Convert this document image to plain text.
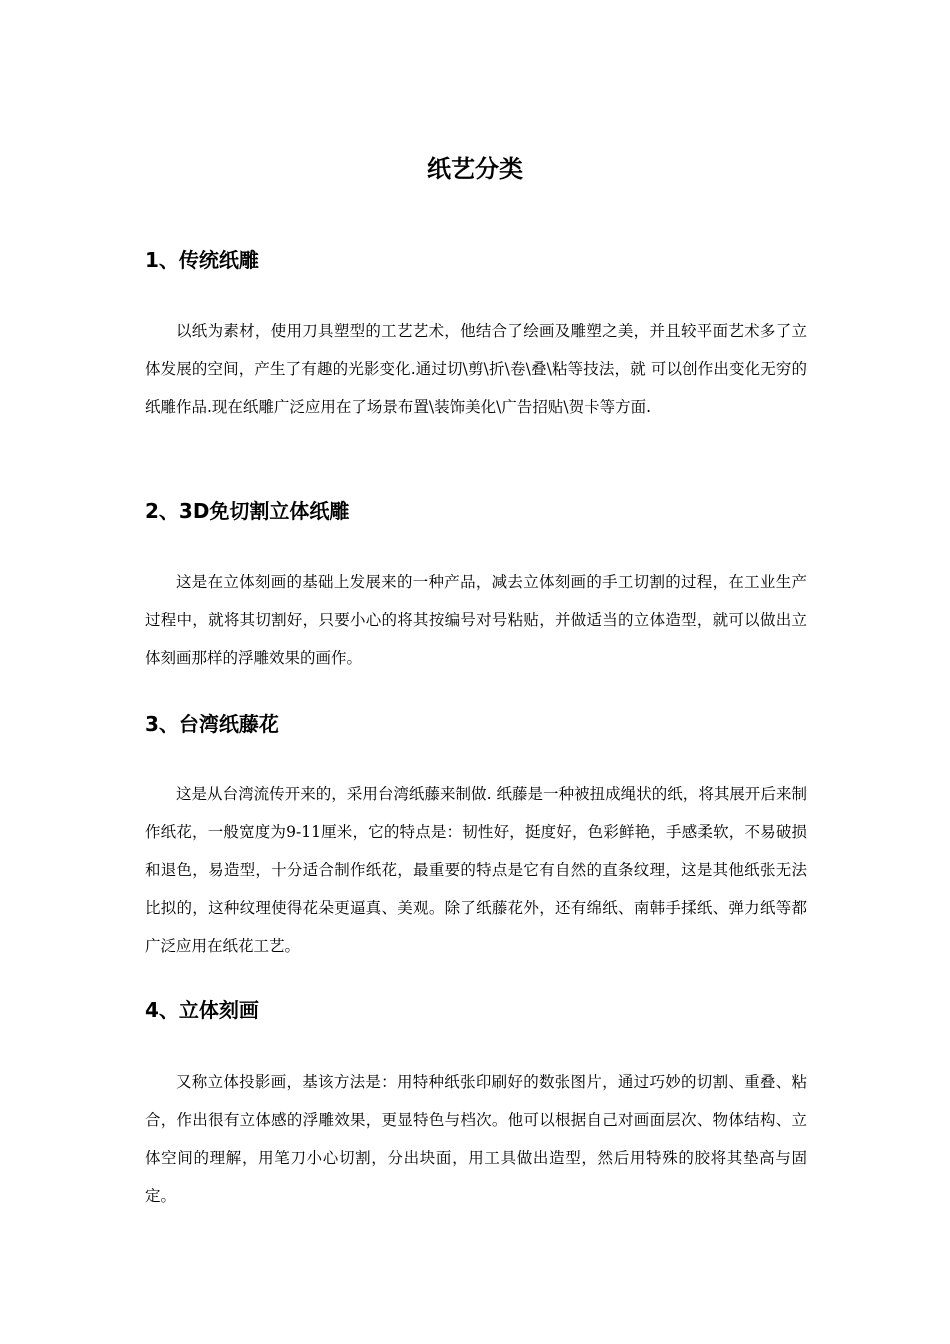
纸艺分类
1、传统纸雕

以纸为素材，使用刀具塑型的工艺艺术，他结合了绘画及雕塑之美，并且较平面艺术多了立体发展的空间，产生了有趣的光影变化.通过切\剪\折\卷\叠\粘等技法，就 可以创作出变化无穷的纸雕作品.现在纸雕广泛应用在了场景布置\装饰美化\广告招贴\贺卡等方面.

2、3D免切割立体纸雕

这是在立体刻画的基础上发展来的一种产品，减去立体刻画的手工切割的过程，在工业生产过程中，就将其切割好，只要小心的将其按编号对号粘贴，并做适当的立体造型，就可以做出立体刻画那样的浮雕效果的画作。

3、台湾纸藤花

这是从台湾流传开来的，采用台湾纸藤来制做. 纸藤是一种被扭成绳状的纸，将其展开后来制作纸花，一般宽度为9-11厘米，它的特点是：韧性好，挺度好，色彩鲜艳，手感柔软，不易破损和退色，易造型，十分适合制作纸花，最重要的特点是它有自然的直条纹理，这是其他纸张无法比拟的，这种纹理使得花朵更逼真、美观。除了纸藤花外，还有绵纸、南韩手揉纸、弹力纸等都广泛应用在纸花工艺。

4、立体刻画

又称立体投影画，基该方法是：用特种纸张印刷好的数张图片，通过巧妙的切割、重叠、粘合，作出很有立体感的浮雕效果，更显特色与档次。他可以根据自己对画面层次、物体结构、立体空间的理解，用笔刀小心切割，分出块面，用工具做出造型，然后用特殊的胶将其垫高与固定。
